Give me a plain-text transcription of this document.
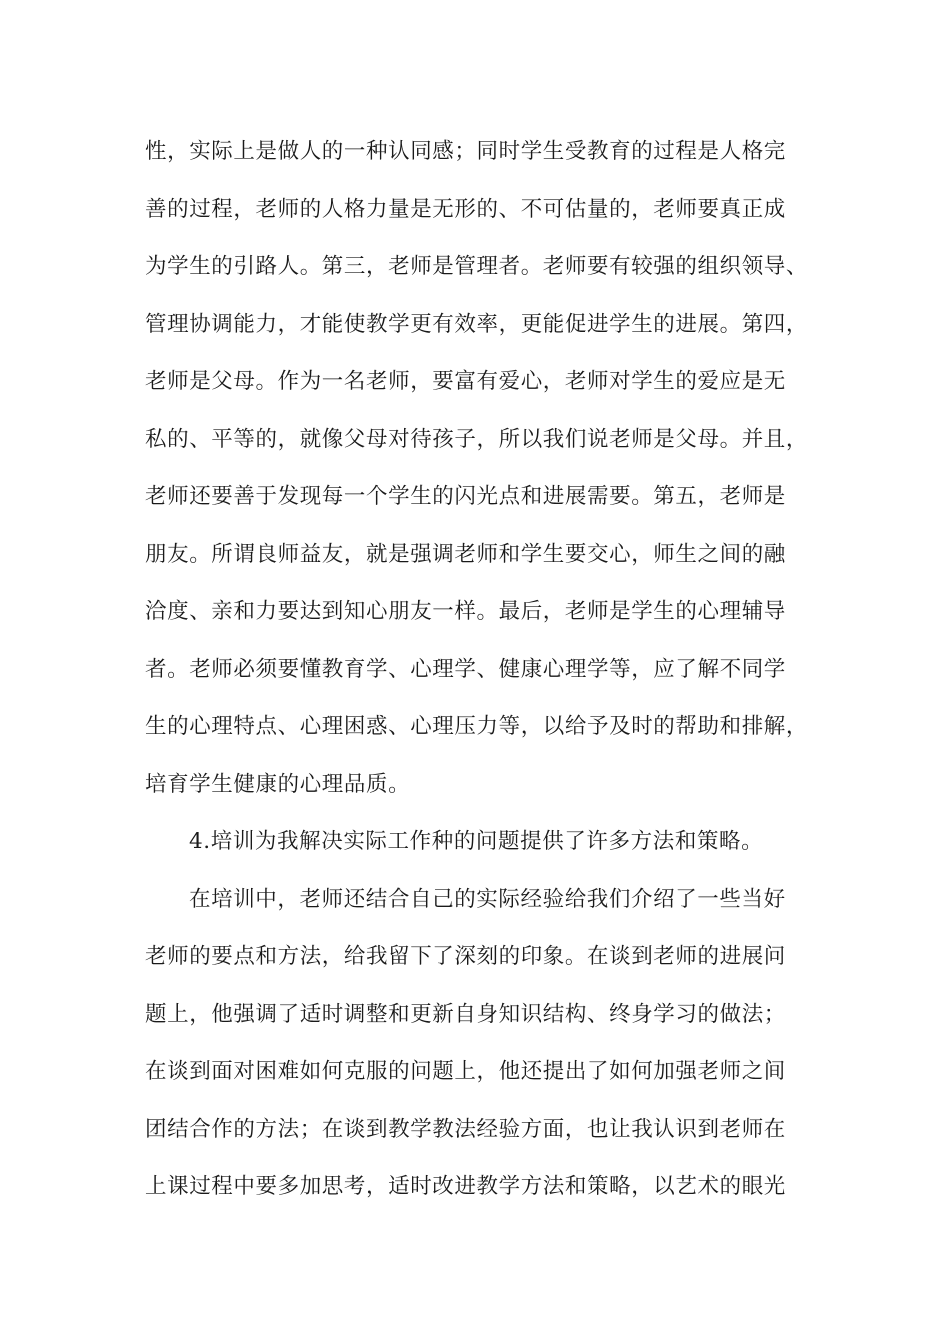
性，实际上是做人的一种认同感；同时学生受教育的过程是人格完
善的过程，老师的人格力量是无形的、不可估量的，老师要真正成
为学生的引路人。第三，老师是管理者。老师要有较强的组织领导、
管理协调能力，才能使教学更有效率，更能促进学生的进展。第四，
老师是父母。作为一名老师，要富有爱心，老师对学生的爱应是无
私的、平等的，就像父母对待孩子，所以我们说老师是父母。并且，
老师还要善于发现每一个学生的闪光点和进展需要。第五，老师是
朋友。所谓良师益友，就是强调老师和学生要交心，师生之间的融
洽度、亲和力要达到知心朋友一样。最后，老师是学生的心理辅导
者。老师必须要懂教育学、心理学、健康心理学等，应了解不同学
生的心理特点、心理困惑、心理压力等，以给予及时的帮助和排解，
培育学生健康的心理品质。
4.培训为我解决实际工作种的问题提供了许多方法和策略。
在培训中，老师还结合自己的实际经验给我们介绍了一些当好
老师的要点和方法，给我留下了深刻的印象。在谈到老师的进展问
题上，他强调了适时调整和更新自身知识结构、终身学习的做法；
在谈到面对困难如何克服的问题上，他还提出了如何加强老师之间
团结合作的方法；在谈到教学教法经验方面，也让我认识到老师在
上课过程中要多加思考，适时改进教学方法和策略，以艺术的眼光
